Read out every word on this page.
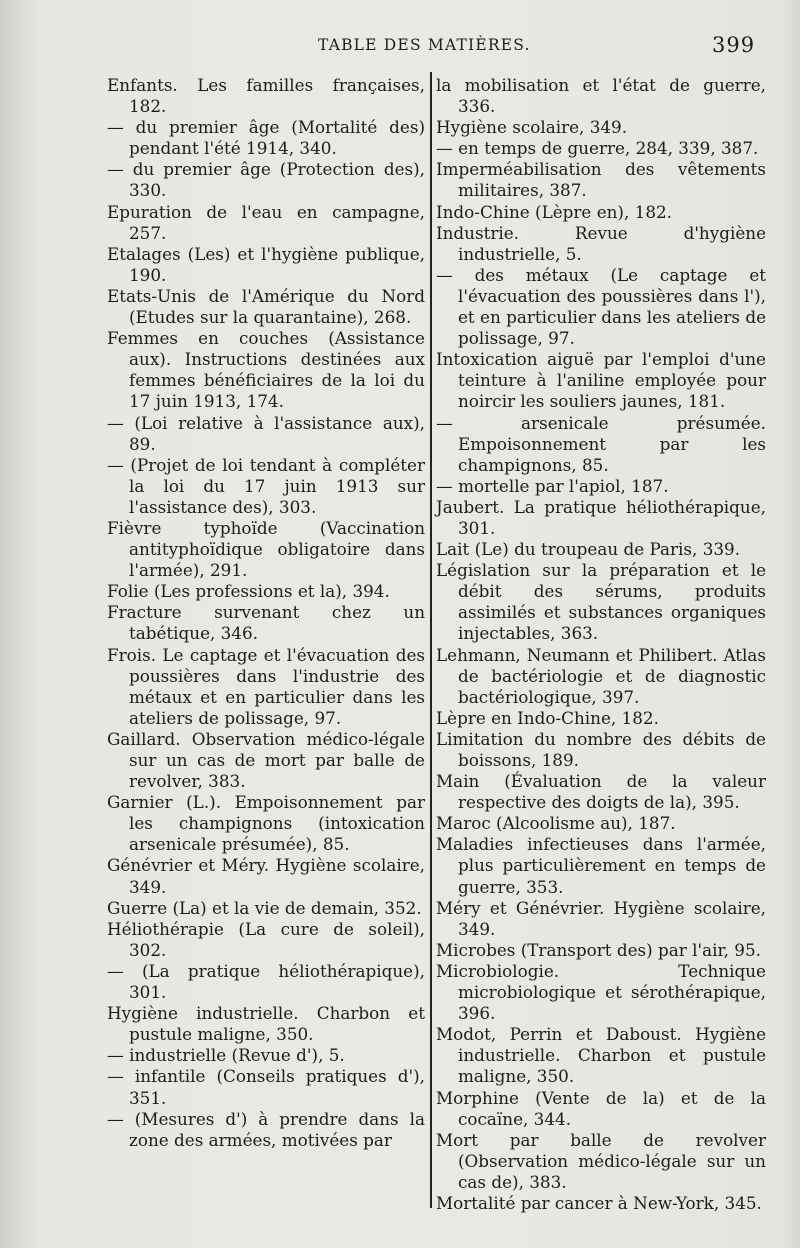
TABLE DES MATIÈRES.	399

Enfants. Les familles françaises, 182.

— du premier âge (Mortalité des) pendant l'été 1914, 340.

— du premier âge (Protection des), 330.

Epuration de l'eau en campagne, 257.

Etalages (Les) et l'hygiène publique, 190.

Etats-Unis de l'Amérique du Nord (Etudes sur la quarantaine), 268.

Femmes en couches (Assistance aux). Instructions destinées aux femmes bénéficiaires de la loi du 17 juin 1913, 174.

— (Loi relative à l'assistance aux), 89.

— (Projet de loi tendant à compléter la loi du 17 juin 1913 sur l'assistance des), 303.

Fièvre typhoïde (Vaccination antityphoïdique obligatoire dans l'armée), 291.

Folie (Les professions et la), 394.

Fracture survenant chez un tabétique, 346.

Frois. Le captage et l'évacuation des poussières dans l'industrie des métaux et en particulier dans les ateliers de polissage, 97.

Gaillard. Observation médico-légale sur un cas de mort par balle de revolver, 383.

Garnier (L.). Empoisonnement par les champignons (intoxication arsenicale présumée), 85.

Génévrier et Méry. Hygiène scolaire, 349.

Guerre (La) et la vie de demain, 352.

Héliothérapie (La cure de soleil), 302.

— (La pratique héliothérapique), 301.

Hygiène industrielle. Charbon et pustule maligne, 350.

— industrielle (Revue d'), 5.

— infantile (Conseils pratiques d'), 351.

— (Mesures d') à prendre dans la zone des armées, motivées par

la mobilisation et l'état de guerre, 336.

Hygiène scolaire, 349.

— en temps de guerre, 284, 339, 387.

Imperméabilisation des vêtements militaires, 387.

Indo-Chine (Lèpre en), 182.

Industrie. Revue d'hygiène industrielle, 5.

— des métaux (Le captage et l'évacuation des poussières dans l'), et en particulier dans les ateliers de polissage, 97.

Intoxication aiguë par l'emploi d'une teinture à l'aniline employée pour noircir les souliers jaunes, 181.

— arsenicale présumée. Empoisonnement par les champignons, 85.

— mortelle par l'apiol, 187.

Jaubert. La pratique héliothérapique, 301.

Lait (Le) du troupeau de Paris, 339.

Législation sur la préparation et le débit des sérums, produits assimilés et substances organiques injectables, 363.

Lehmann, Neumann et Philibert. Atlas de bactériologie et de diagnostic bactériologique, 397.

Lèpre en Indo-Chine, 182.

Limitation du nombre des débits de boissons, 189.

Main (Évaluation de la valeur respective des doigts de la), 395.

Maroc (Alcoolisme au), 187.

Maladies infectieuses dans l'armée, plus particulièrement en temps de guerre, 353.

Méry et Génévrier. Hygiène scolaire, 349.

Microbes (Transport des) par l'air, 95.

Microbiologie. Technique microbiologique et sérothérapique, 396.

Modot, Perrin et Daboust. Hygiène industrielle. Charbon et pustule maligne, 350.

Morphine (Vente de la) et de la cocaïne, 344.

Mort par balle de revolver (Observation médico-légale sur un cas de), 383.

Mortalité par cancer à New-York, 345.
